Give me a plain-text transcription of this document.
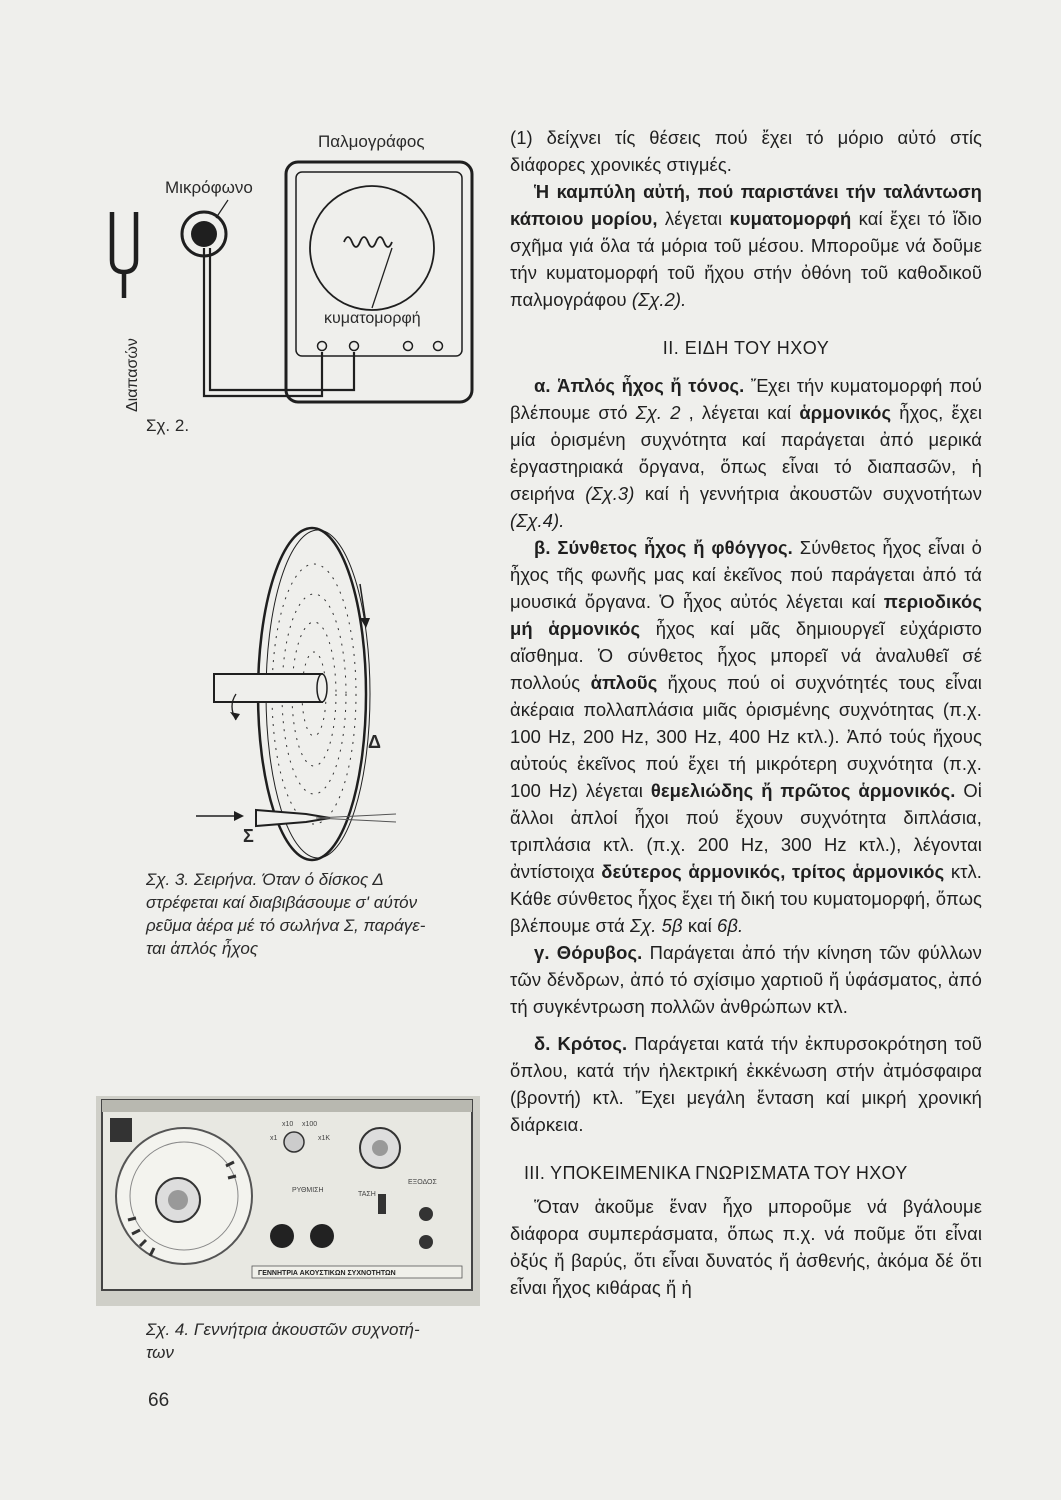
Παλμογράφος
Μικρόφωνο
κυματομορφή
Διαπασών
Σχ. 2.
Δ
Σ
Σχ. 3. Σειρήνα. Όταν ό δίσκος Δ
στρέφεται καί διαβιβάσουμε σ' αύτόν
ρεῦμα ἀέρα μέ τό σωλήνα Σ, παράγε-
ται ἁπλός ἦχος
x10 x100
x1	x1K
ΡΥΘΜΙΣΗ
ΤΑΣΗ
ΕΞΟΔΟΣ
ΓΕΝΝΗΤΡΙΑ ΑΚΟΥΣΤΙΚΩΝ ΣΥΧΝΟΤΗΤΩΝ
Σχ. 4. Γεννήτρια ἀκουστῶν συχνοτή-
των
66

(1) δείχνει τίς θέσεις πού ἔχει τό μόριο αὐτό στίς διάφορες χρονικές στιγμές.

Ἡ καμπύλη αὐτή, πού παριστάνει τήν ταλάντωση κάποιου μορίου, λέγεται κυματομορφή καί ἔχει τό ἴδιο σχῆμα γιά ὅλα τά μόρια τοῦ μέσου. Μποροῦμε νά δοῦμε τήν κυματομορφή τοῦ ἤχου στήν ὀθόνη τοῦ καθοδικοῦ παλμογράφου (Σχ.2).

ΙΙ. ΕΙΔΗ ΤΟΥ ΗΧΟΥ

α. Ἁπλός ἦχος ἤ τόνος. Ἔχει τήν κυματομορφή πού βλέπουμε στό Σχ. 2 , λέγεται καί ἁρμονικός ἦχος, ἔχει μία ὁρισμένη συχνότητα καί παράγεται ἀπό μερικά ἐργαστηριακά ὄργανα, ὅπως εἶναι τό διαπασῶν, ἡ σειρήνα (Σχ.3) καί ἡ γεννήτρια ἀκουστῶν συχνοτήτων (Σχ.4).

β. Σύνθετος ἦχος ἤ φθόγγος. Σύνθετος ἦχος εἶναι ὁ ἦχος τῆς φωνῆς μας καί ἐκεῖνος πού παράγεται ἀπό τά μουσικά ὄργανα. Ὁ ἦχος αὐτός λέγεται καί περιοδικός μή ἁρμονικός ἦχος καί μᾶς δημιουργεῖ εὐχάριστο αἴσθημα. Ὁ σύνθετος ἦχος μπορεῖ νά ἀναλυθεῖ σέ πολλούς ἁπλοῦς ἤχους πού οἱ συχνότητές τους εἶναι ἀκέραια πολλαπλάσια μιᾶς ὁρισμένης συχνότητας (π.χ. 100 Hz, 200 Hz, 300 Hz, 400 Hz κτλ.). Ἀπό τούς ἤχους αὐτούς ἐκεῖνος πού ἔχει τή μικρότερη συχνότητα (π.χ. 100 Hz) λέγεται θεμελιώδης ἤ πρῶτος ἁρμονικός. Οἱ ἄλλοι ἁπλοί ἦχοι πού ἔχουν συχνότητα διπλάσια, τριπλάσια κτλ. (π.χ. 200 Hz, 300 Hz κτλ.), λέγονται ἀντίστοιχα δεύτερος ἁρμονικός, τρίτος ἁρμονικός κτλ. Κάθε σύνθετος ἦχος ἔχει τή δική του κυματομορφή, ὅπως βλέπουμε στά Σχ. 5β καί 6β.

γ. Θόρυβος. Παράγεται ἀπό τήν κίνηση τῶν φύλλων τῶν δένδρων, ἀπό τό σχίσιμο χαρτιοῦ ἤ ὑφάσματος, ἀπό τή συγκέντρωση πολλῶν ἀνθρώπων κτλ.

δ. Κρότος. Παράγεται κατά τήν ἐκπυρσοκρότηση τοῦ ὅπλου, κατά τήν ἠλεκτρική ἐκκένωση στήν ἀτμόσφαιρα (βροντή) κτλ. Ἔχει μεγάλη ἔνταση καί μικρή χρονική διάρκεια.

ΙΙΙ. ΥΠΟΚΕΙΜΕΝΙΚΑ ΓΝΩΡΙΣΜΑΤΑ ΤΟΥ ΗΧΟΥ

Ὅταν ἀκοῦμε ἕναν ἦχο μποροῦμε νά βγάλουμε διάφορα συμπεράσματα, ὅπως π.χ. νά ποῦμε ὅτι εἶναι ὀξύς ἤ βαρύς, ὅτι εἶναι δυνατός ἤ ἀσθενής, ἀκόμα δέ ὅτι εἶναι ἦχος κιθάρας ἤ ἡ
